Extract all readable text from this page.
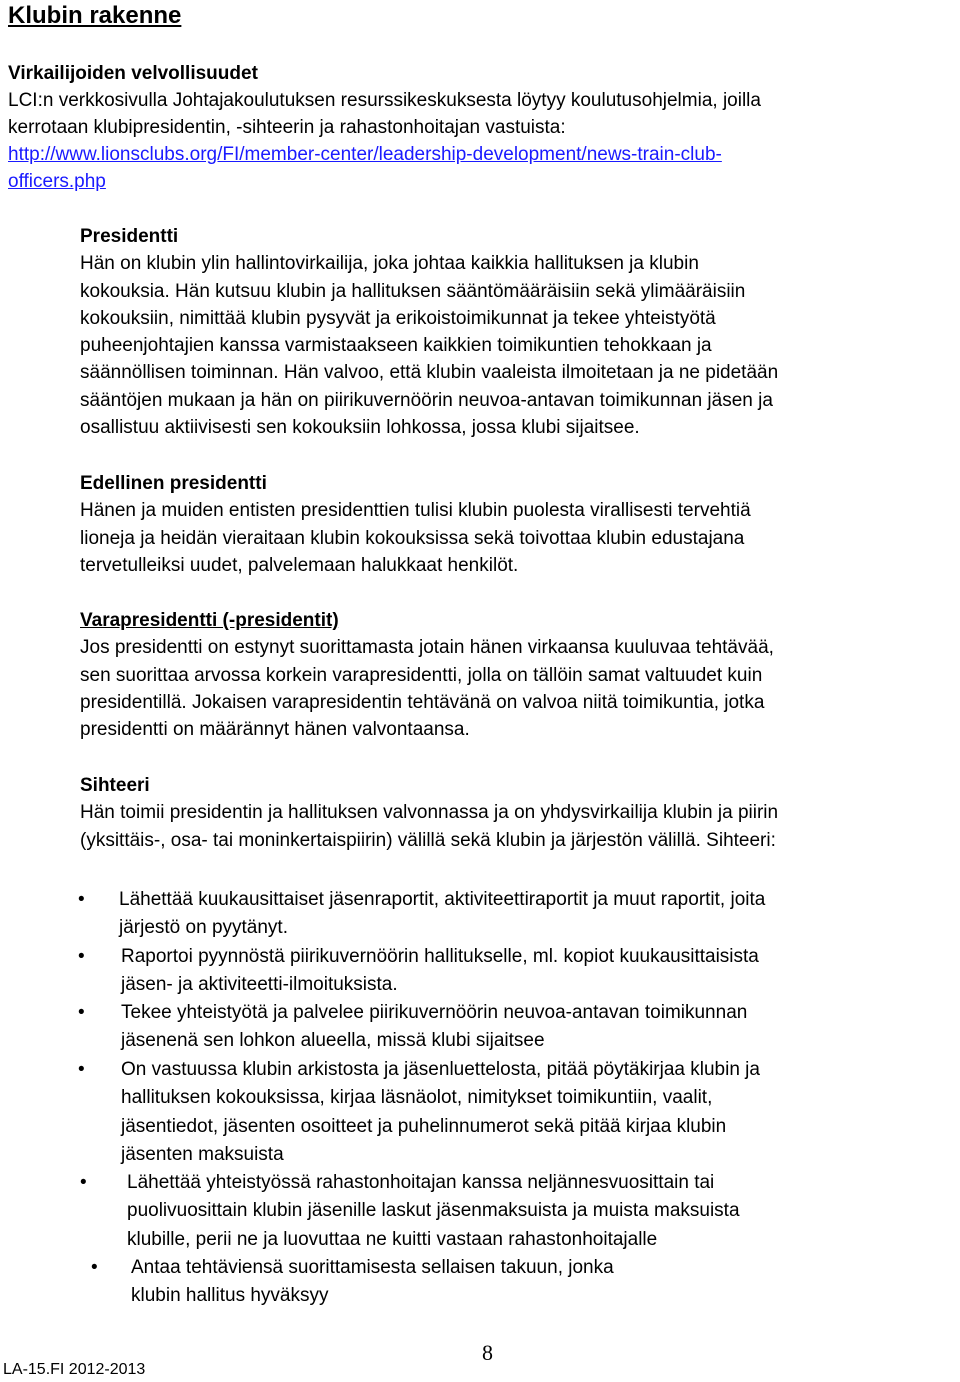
Klubin rakenne
Virkailijoiden velvollisuudet
LCI:n verkkosivulla Johtajakoulutuksen resurssikeskuksesta löytyy koulutusohjelmia, joilla
kerrotaan klubipresidentin, -sihteerin ja rahastonhoitajan vastuista:
http://www.lionsclubs.org/FI/member-center/leadership-development/news-train-club-
officers.php
Presidentti
Hän on klubin ylin hallintovirkailija, joka johtaa kaikkia hallituksen ja klubin
kokouksia. Hän kutsuu klubin ja hallituksen sääntömääräisiin sekä ylimääräisiin
kokouksiin, nimittää klubin pysyvät ja erikoistoimikunnat ja tekee yhteistyötä
puheenjohtajien kanssa varmistaakseen kaikkien toimikuntien tehokkaan ja
säännöllisen toiminnan. Hän valvoo, että klubin vaaleista ilmoitetaan ja ne pidetään
sääntöjen mukaan ja hän on piirikuvernöörin neuvoa-antavan toimikunnan jäsen ja
osallistuu aktiivisesti sen kokouksiin lohkossa, jossa klubi sijaitsee.
Edellinen presidentti
Hänen ja muiden entisten presidenttien tulisi klubin puolesta virallisesti tervehtiä
lioneja ja heidän vieraitaan klubin kokouksissa sekä toivottaa klubin edustajana
tervetulleiksi uudet, palvelemaan halukkaat henkilöt.
Varapresidentti (-presidentit)
Jos presidentti on estynyt suorittamasta jotain hänen virkaansa kuuluvaa tehtävää,
sen suorittaa arvossa korkein varapresidentti, jolla on tällöin samat valtuudet kuin
presidentillä. Jokaisen varapresidentin tehtävänä on valvoa niitä toimikuntia, jotka
presidentti on määrännyt hänen valvontaansa.
Sihteeri
Hän toimii presidentin ja hallituksen valvonnassa ja on yhdysvirkailija klubin ja piirin
(yksittäis-, osa- tai moninkertaispiirin) välillä sekä klubin ja järjestön välillä. Sihteeri:
• Lähettää kuukausittaiset jäsenraportit, aktiviteettiraportit ja muut raportit, joita
järjestö on pyytänyt.
• Raportoi pyynnöstä piirikuvernöörin hallitukselle, ml. kopiot kuukausittaisista
jäsen- ja aktiviteetti-ilmoituksista.
• Tekee yhteistyötä ja palvelee piirikuvernöörin neuvoa-antavan toimikunnan
jäsenenä sen lohkon alueella, missä klubi sijaitsee
• On vastuussa klubin arkistosta ja jäsenluettelosta, pitää pöytäkirjaa klubin ja
hallituksen kokouksissa, kirjaa läsnäolot, nimitykset toimikuntiin, vaalit,
jäsentiedot, jäsenten osoitteet ja puhelinnumerot sekä pitää kirjaa klubin
jäsenten maksuista
• Lähettää yhteistyössä rahastonhoitajan kanssa neljännesvuosittain tai
puolivuosittain klubin jäsenille laskut jäsenmaksuista ja muista maksuista
klubille, perii ne ja luovuttaa ne kuitti vastaan rahastonhoitajalle
• Antaa tehtäviensä suorittamisesta sellaisen takuun, jonka
klubin hallitus hyväksyy
8
LA-15.FI 2012-2013
